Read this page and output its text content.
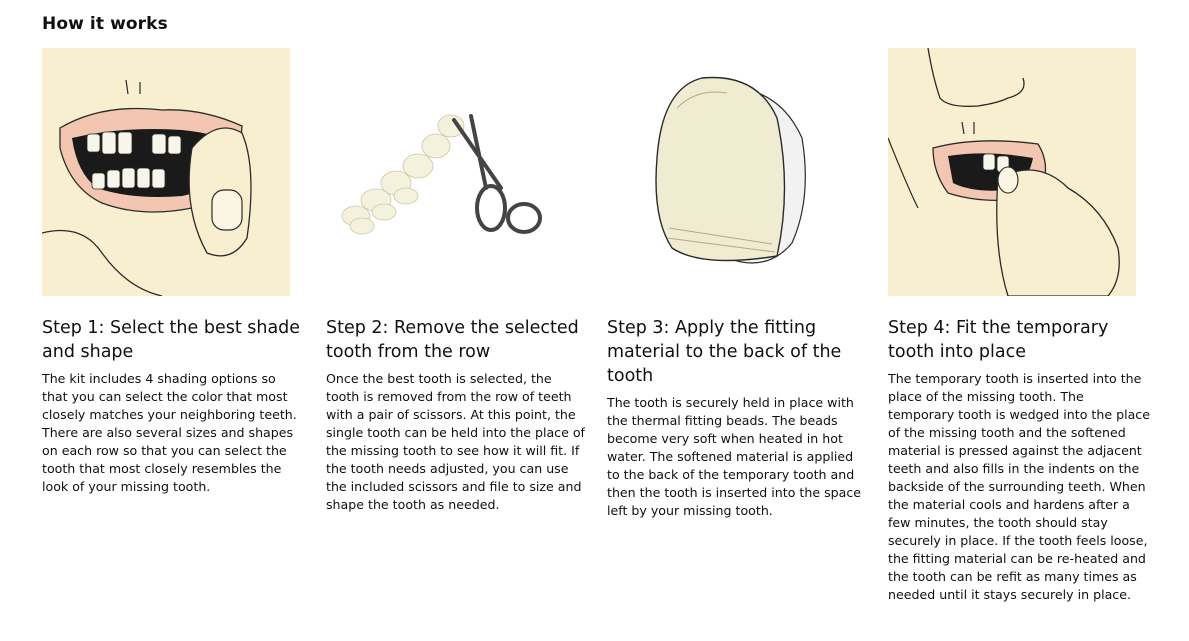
How it works
Step 1: Select the best shade and shape
The kit includes 4 shading options so that you can select the color that most closely matches your neighboring teeth. There are also several sizes and shapes on each row so that you can select the tooth that most closely resembles the look of your missing tooth.
Step 2: Remove the selected tooth from the row
Once the best tooth is selected, the tooth is removed from the row of teeth with a pair of scissors. At this point, the single tooth can be held into the place of the missing tooth to see how it will fit. If the tooth needs adjusted, you can use the included scissors and file to size and shape the tooth as needed.
Step 3: Apply the fitting material to the back of the tooth
The tooth is securely held in place with the thermal fitting beads. The beads become very soft when heated in hot water. The softened material is applied to the back of the temporary tooth and then the tooth is inserted into the space left by your missing tooth.
Step 4: Fit the temporary tooth into place
The temporary tooth is inserted into the place of the missing tooth. The temporary tooth is wedged into the place of the missing tooth and the softened material is pressed against the adjacent teeth and also fills in the indents on the backside of the surrounding teeth. When the material cools and hardens after a few minutes, the tooth should stay securely in place. If the tooth feels loose, the fitting material can be re-heated and the tooth can be refit as many times as needed until it stays securely in place.
